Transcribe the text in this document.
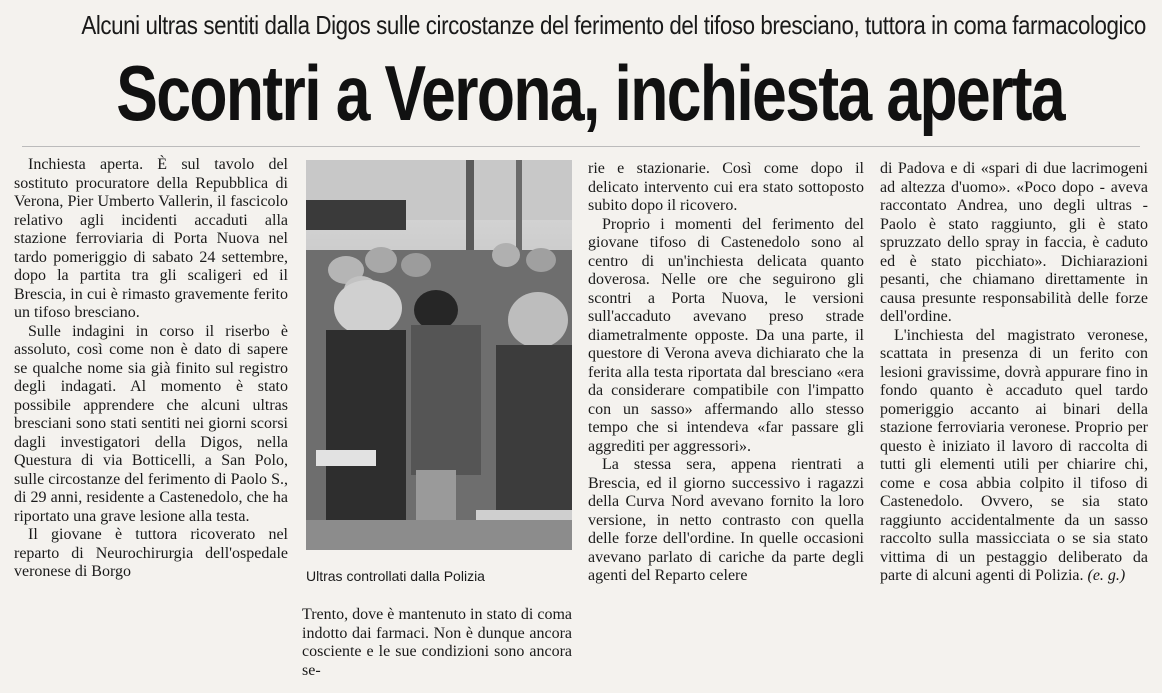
Alcuni ultras sentiti dalla Digos sulle circostanze del ferimento del tifoso bresciano, tuttora in coma farmacologico
Scontri a Verona, inchiesta aperta

Inchiesta aperta. È sul tavolo del sostituto procuratore della Repubblica di Verona, Pier Umberto Vallerin, il fascicolo relativo agli incidenti accaduti alla stazione ferroviaria di Porta Nuova nel tardo pomeriggio di sabato 24 settembre, dopo la partita tra gli scaligeri ed il Brescia, in cui è rimasto gravemente ferito un tifoso bresciano.

Sulle indagini in corso il riserbo è assoluto, così come non è dato di sapere se qualche nome sia già finito sul registro degli indagati. Al momento è stato possibile apprendere che alcuni ultras bresciani sono stati sentiti nei giorni scorsi dagli investigatori della Digos, nella Questura di via Botticelli, a San Polo, sulle circostanze del ferimento di Paolo S., di 29 anni, residente a Castenedolo, che ha riportato una grave lesione alla testa.

Il giovane è tuttora ricoverato nel reparto di Neurochirurgia dell'ospedale veronese di Borgo	Ultras controllati dalla Polizia

Trento, dove è mantenuto in stato di coma indotto dai farmaci. Non è dunque ancora cosciente e le sue condizioni sono ancora se-

rie e stazionarie. Così come dopo il delicato intervento cui era stato sottoposto subito dopo il ricovero.

Proprio i momenti del ferimento del giovane tifoso di Castenedolo sono al centro di un'inchiesta delicata quanto doverosa. Nelle ore che seguirono gli scontri a Porta Nuova, le versioni sull'accaduto avevano preso strade diametralmente opposte. Da una parte, il questore di Verona aveva dichiarato che la ferita alla testa riportata dal bresciano «era da considerare compatibile con l'impatto con un sasso» affermando allo stesso tempo che si intendeva «far passare gli aggrediti per aggressori».

La stessa sera, appena rientrati a Brescia, ed il giorno successivo i ragazzi della Curva Nord avevano fornito la loro versione, in netto contrasto con quella delle forze dell'ordine. In quelle occasioni avevano parlato di cariche da parte degli agenti del Reparto celere

di Padova e di «spari di due lacrimogeni ad altezza d'uomo». «Poco dopo - aveva raccontato Andrea, uno degli ultras - Paolo è stato raggiunto, gli è stato spruzzato dello spray in faccia, è caduto ed è stato picchiato». Dichiarazioni pesanti, che chiamano direttamente in causa presunte responsabilità delle forze dell'ordine.

L'inchiesta del magistrato veronese, scattata in presenza di un ferito con lesioni gravissime, dovrà appurare fino in fondo quanto è accaduto quel tardo pomeriggio accanto ai binari della stazione ferroviaria veronese. Proprio per questo è iniziato il lavoro di raccolta di tutti gli elementi utili per chiarire chi, come e cosa abbia colpito il tifoso di Castenedolo. Ovvero, se sia stato raggiunto accidentalmente da un sasso raccolto sulla massicciata o se sia stato vittima di un pestaggio deliberato da parte di alcuni agenti di Polizia. (e. g.)
